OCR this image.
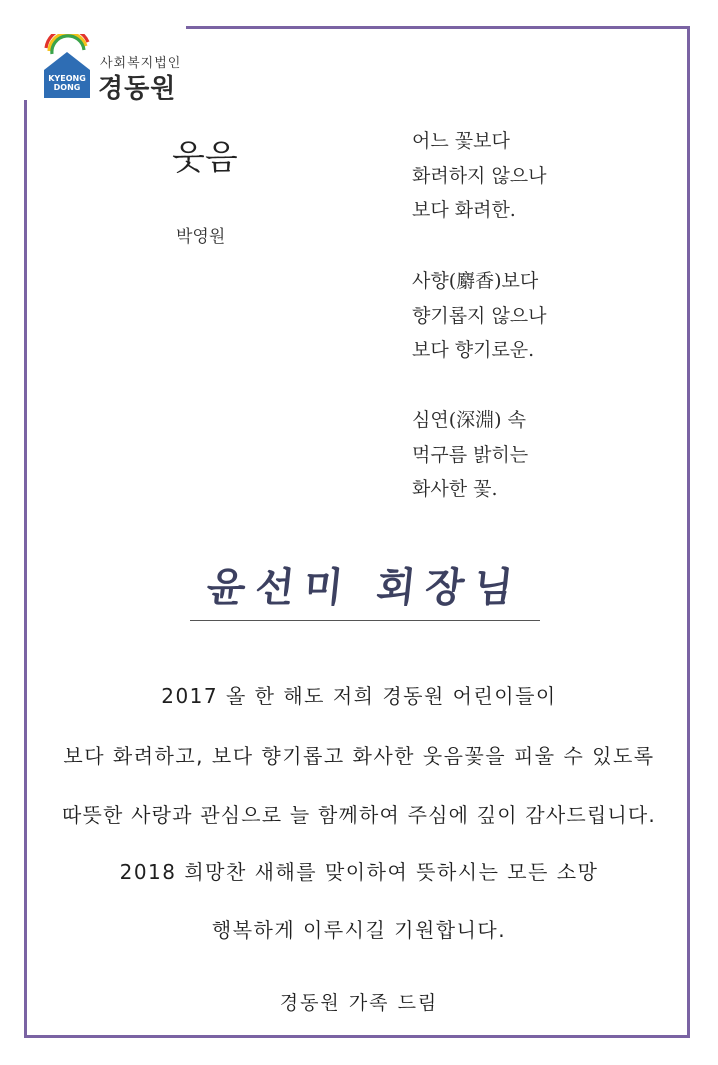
KYEONG
DONG
사회복지법인
경동원
웃음
박영원
어느 꽃보다
화려하지 않으나
보다 화려한.
사향(麝香)보다
향기롭지 않으나
보다 향기로운.
심연(深淵) 속
먹구름 밝히는
화사한 꽃.
윤선미 회장님
2017 올 한 해도 저희 경동원 어린이들이
보다 화려하고, 보다 향기롭고 화사한 웃음꽃을 피울 수 있도록
따뜻한 사랑과 관심으로 늘 함께하여 주심에 깊이 감사드립니다.
2018 희망찬 새해를 맞이하여 뜻하시는 모든 소망
행복하게 이루시길 기원합니다.
경동원 가족 드림
